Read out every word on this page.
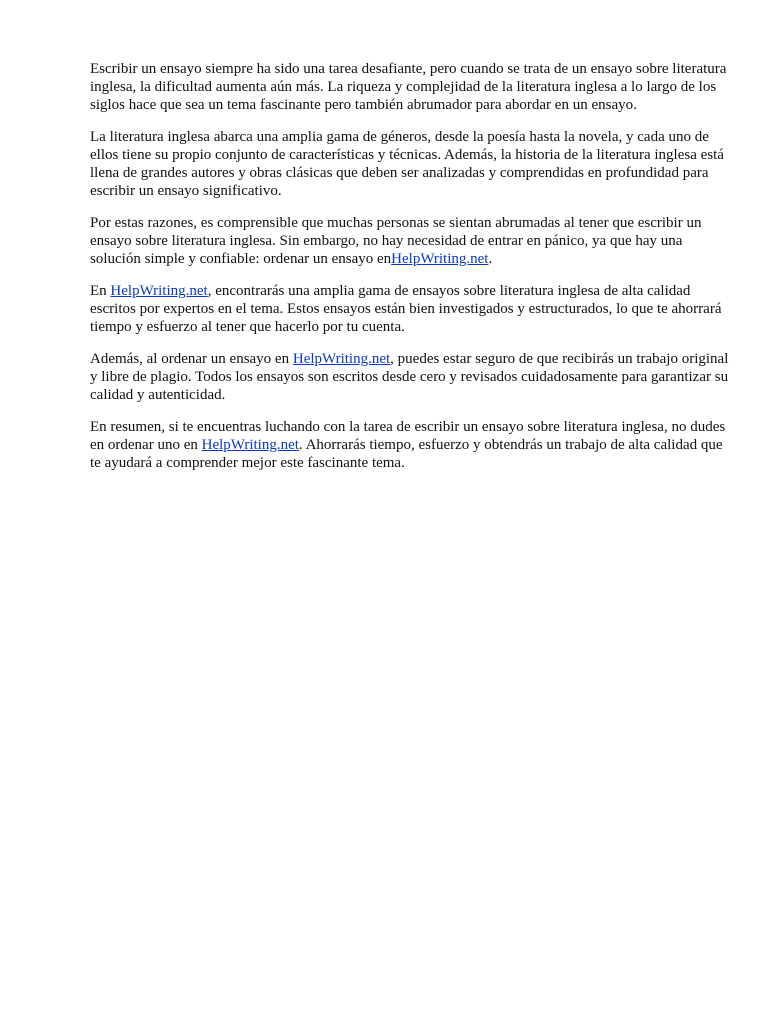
Escribir un ensayo siempre ha sido una tarea desafiante, pero cuando se trata de un ensayo sobre literatura inglesa, la dificultad aumenta aún más. La riqueza y complejidad de la literatura inglesa a lo largo de los siglos hace que sea un tema fascinante pero también abrumador para abordar en un ensayo.

La literatura inglesa abarca una amplia gama de géneros, desde la poesía hasta la novela, y cada uno de ellos tiene su propio conjunto de características y técnicas. Además, la historia de la literatura inglesa está llena de grandes autores y obras clásicas que deben ser analizadas y comprendidas en profundidad para escribir un ensayo significativo.

Por estas razones, es comprensible que muchas personas se sientan abrumadas al tener que escribir un ensayo sobre literatura inglesa. Sin embargo, no hay necesidad de entrar en pánico, ya que hay una solución simple y confiable: ordenar un ensayo enHelpWriting.net.

En HelpWriting.net, encontrarás una amplia gama de ensayos sobre literatura inglesa de alta calidad escritos por expertos en el tema. Estos ensayos están bien investigados y estructurados, lo que te ahorrará tiempo y esfuerzo al tener que hacerlo por tu cuenta.

Además, al ordenar un ensayo en HelpWriting.net, puedes estar seguro de que recibirás un trabajo original y libre de plagio. Todos los ensayos son escritos desde cero y revisados cuidadosamente para garantizar su calidad y autenticidad.

En resumen, si te encuentras luchando con la tarea de escribir un ensayo sobre literatura inglesa, no dudes en ordenar uno en HelpWriting.net. Ahorrarás tiempo, esfuerzo y obtendrás un trabajo de alta calidad que te ayudará a comprender mejor este fascinante tema.
